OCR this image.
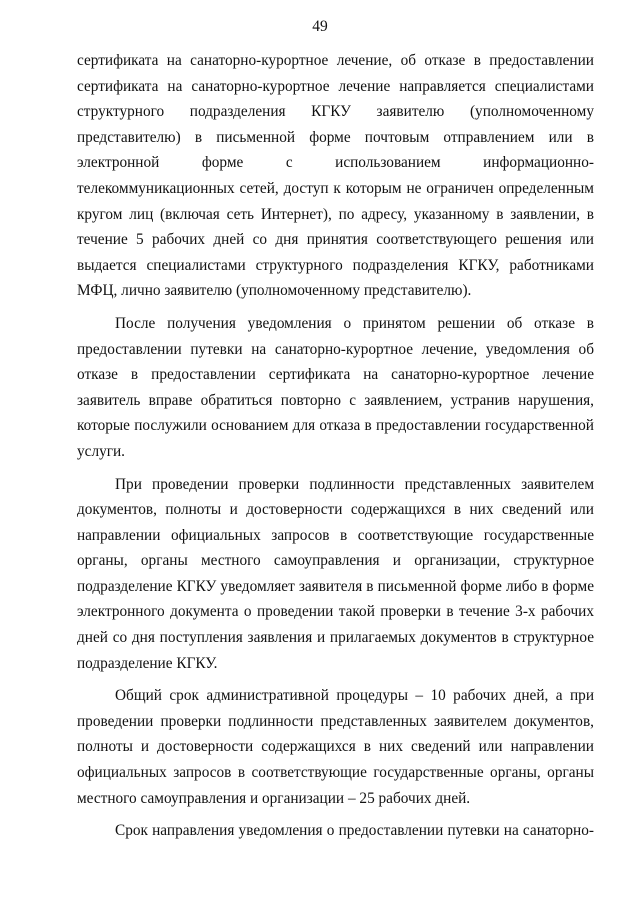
49

сертификата на санаторно-курортное лечение, об отказе в предоставлении сертификата на санаторно-курортное лечение направляется специалистами структурного подразделения КГКУ заявителю (уполномоченному представителю) в письменной форме почтовым отправлением или в электронной форме с использованием информационно-телекоммуникационных сетей, доступ к которым не ограничен определенным кругом лиц (включая сеть Интернет), по адресу, указанному в заявлении, в течение 5 рабочих дней со дня принятия соответствующего решения или выдается специалистами структурного подразделения КГКУ, работниками МФЦ, лично заявителю (уполномоченному представителю).

После получения уведомления о принятом решении об отказе в предоставлении путевки на санаторно-курортное лечение, уведомления об отказе в предоставлении сертификата на санаторно-курортное лечение заявитель вправе обратиться повторно с заявлением, устранив нарушения, которые послужили основанием для отказа в предоставлении государственной услуги.

При проведении проверки подлинности представленных заявителем документов, полноты и достоверности содержащихся в них сведений или направлении официальных запросов в соответствующие государственные органы, органы местного самоуправления и организации, структурное подразделение КГКУ уведомляет заявителя в письменной форме либо в форме электронного документа о проведении такой проверки в течение 3-х рабочих дней со дня поступления заявления и прилагаемых документов в структурное подразделение КГКУ.

Общий срок административной процедуры – 10 рабочих дней, а при проведении проверки подлинности представленных заявителем документов, полноты и достоверности содержащихся в них сведений или направлении официальных запросов в соответствующие государственные органы, органы местного самоуправления и организации – 25 рабочих дней.

Срок направления уведомления о предоставлении путевки на санаторно-
